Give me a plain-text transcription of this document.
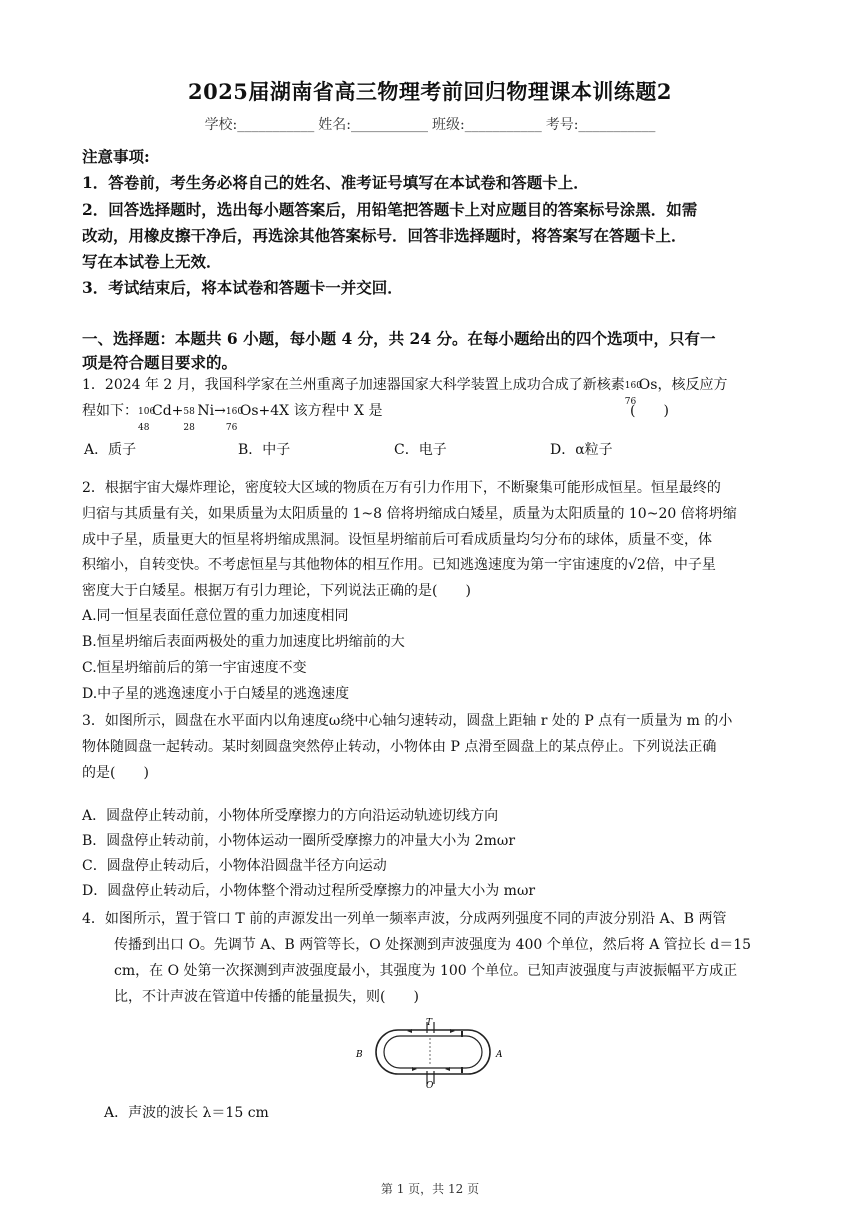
2025届湖南省高三物理考前回归物理课本训练题2
学校:___________ 姓名:___________ 班级:___________ 考号:___________
注意事项:
1．答卷前，考生务必将自己的姓名、准考证号填写在本试卷和答题卡上．
2．回答选择题时，选出每小题答案后，用铅笔把答题卡上对应题目的答案标号涂黑．如需
改动，用橡皮擦干净后，再选涂其他答案标号．回答非选择题时，将答案写在答题卡上．
写在本试卷上无效．
3．考试结束后，将本试卷和答题卡一并交回．
一、选择题：本题共 6 小题，每小题 4 分，共 24 分。在每小题给出的四个选项中，只有一
项是符合题目要求的。
1．2024 年 2 月，我国科学家在兰州重离子加速器国家大科学装置上成功合成了新核素 160
76
Os，核反应方
程如下： 106
48
Cd+ 58
28
Ni→ 160
76
Os+4X 该方程中 X 是	(　　)
A．质子	B．中子	C．电子	D．α粒子
2．根据宇宙大爆炸理论，密度较大区域的物质在万有引力作用下，不断聚集可能形成恒星。恒星最终的
归宿与其质量有关，如果质量为太阳质量的 1~8 倍将坍缩成白矮星，质量为太阳质量的 10~20 倍将坍缩
成中子星，质量更大的恒星将坍缩成黑洞。设恒星坍缩前后可看成质量均匀分布的球体，质量不变，体
积缩小，自转变快。不考虑恒星与其他物体的相互作用。已知逃逸速度为第一宇宙速度的√2倍，中子星
密度大于白矮星。根据万有引力理论，下列说法正确的是(　　)
A.同一恒星表面任意位置的重力加速度相同
B.恒星坍缩后表面两极处的重力加速度比坍缩前的大
C.恒星坍缩前后的第一宇宙速度不变
D.中子星的逃逸速度小于白矮星的逃逸速度
3．如图所示，圆盘在水平面内以角速度ω绕中心轴匀速转动，圆盘上距轴 r 处的 P 点有一质量为 m 的小
物体随圆盘一起转动。某时刻圆盘突然停止转动，小物体由 P 点滑至圆盘上的某点停止。下列说法正确
的是(　　)
A．圆盘停止转动前，小物体所受摩擦力的方向沿运动轨迹切线方向
B．圆盘停止转动前，小物体运动一圈所受摩擦力的冲量大小为 2mωr
C．圆盘停止转动后，小物体沿圆盘半径方向运动
D．圆盘停止转动后，小物体整个滑动过程所受摩擦力的冲量大小为 mωr
4．如图所示，置于管口 T 前的声源发出一列单一频率声波，分成两列强度不同的声波分别沿 A、B 两管
传播到出口 O。先调节 A、B 两管等长，O 处探测到声波强度为 400 个单位，然后将 A 管拉长 d＝15
cm，在 O 处第一次探测到声波强度最小，其强度为 100 个单位。已知声波强度与声波振幅平方成正
比，不计声波在管道中传播的能量损失，则(　　)
T
B	A
O
A．声波的波长 λ＝15 cm
第 1 页，共 12 页
